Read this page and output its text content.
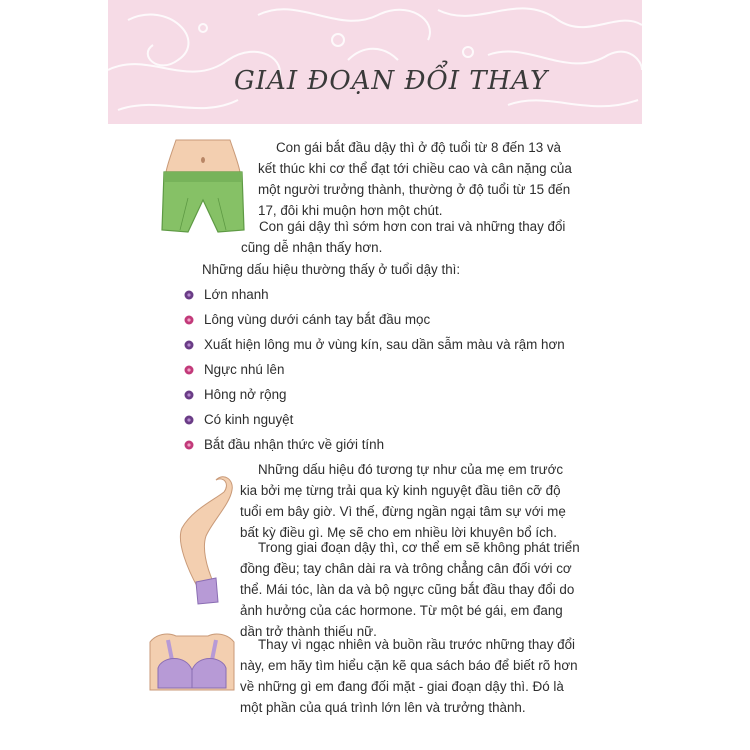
GIAI ĐOẠN ĐỔI THAY

Con gái bắt đầu dậy thì ở độ tuổi từ 8 đến 13 và kết thúc khi cơ thể đạt tới chiều cao và cân nặng của một người trưởng thành, thường ở độ tuổi từ 15 đến 17, đôi khi muộn hơn một chút.

Con gái dậy thì sớm hơn con trai và những thay đổi cũng dễ nhận thấy hơn.

Những dấu hiệu thường thấy ở tuổi dậy thì:

Lớn nhanh
Lông vùng dưới cánh tay bắt đầu mọc
Xuất hiện lông mu ở vùng kín, sau dần sẫm màu và rậm hơn
Ngực nhú lên
Hông nở rộng
Có kinh nguyệt
Bắt đầu nhận thức về giới tính

Những dấu hiệu đó tương tự như của mẹ em trước kia bởi mẹ từng trải qua kỳ kinh nguyệt đầu tiên cỡ độ tuổi em bây giờ. Vì thế, đừng ngần ngại tâm sự với mẹ bất kỳ điều gì. Mẹ sẽ cho em nhiều lời khuyên bổ ích.

Trong giai đoạn dậy thì, cơ thể em sẽ không phát triển đồng đều; tay chân dài ra và trông chẳng cân đối với cơ thể. Mái tóc, làn da và bộ ngực cũng bắt đầu thay đổi do ảnh hưởng của các hormone. Từ một bé gái, em đang dần trở thành thiếu nữ.

Thay vì ngạc nhiên và buồn rầu trước những thay đổi này, em hãy tìm hiểu cặn kẽ qua sách báo để biết rõ hơn về những gì em đang đối mặt - giai đoạn dậy thì. Đó là một phần của quá trình lớn lên và trưởng thành.
